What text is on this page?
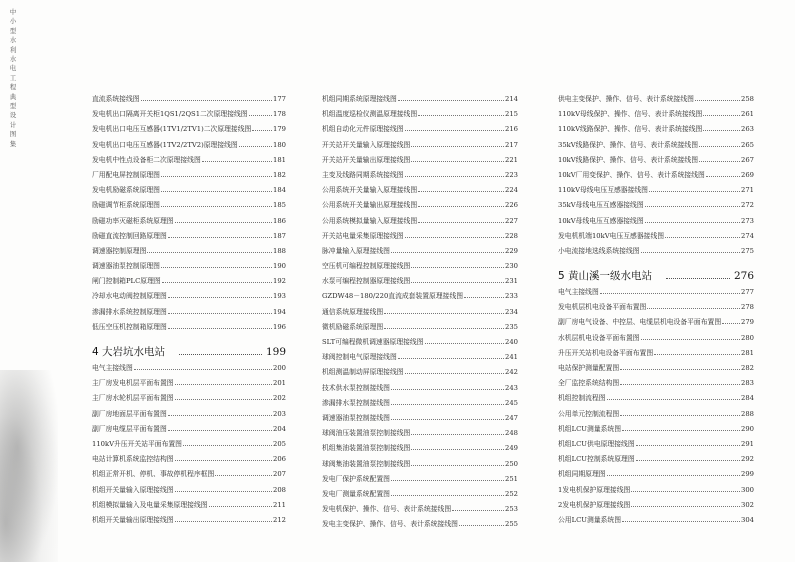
中
小
型
水
利
水
电
工
程
典
型
设
计
图
集
直流系统接线图	177
发电机出口隔离开关柜1QS1/2QS1二次原理接线图	178
发电机出口电压互感器(1TV1/2TV1)二次原理接线图	179
发电机出口电压互感器(1TV2/2TV2)原理接线图	180
发电机中性点设备柜二次原理接线图	181
厂用配电屏控制原理图	182
发电机励磁系统原理图	184
励磁调节柜系统原理图	185
励磁功率灭磁柜系统原理图	186
励磁直流控制回路原理图	187
调速器控制原理图	188
调速器油泵控制原理图	190
闸门控制箱PLC原理图	192
冷却水电动阀控制原理图	193
渗漏排水系统控制原理图	194
低压空压机控制箱原理图	196
4 大岩坑水电站	199
电气主接线图	200
主厂房发电机层平面布置图	201
主厂房水轮机层平面布置图	202
副厂房地面层平面布置图	203
副厂房电缆层平面布置图	204
110kV升压开关站平面布置图	205
电站计算机系统监控结构图	206
机组正常开机、停机、事故停机程序框图	207
机组开关量输入原理接线图	208
机组模拟量输入及电量采集原理接线图	211
机组开关量输出原理接线图	212
机组同期系统原理接线图	214
机组温度巡检仪测温原理接线图	215
机组自动化元件原理接线图	216
开关站开关量输入原理接线图	217
开关站开关量输出原理接线图	221
主变及线路同期系统接线图	223
公用系统开关量输入原理接线图	224
公用系统开关量输出原理接线图	226
公用系统模拟量输入原理接线图	227
开关站电量采集原理接线图	228
脉冲量输入原理接线图	229
空压机可编程控制原理接线图	230
水泵可编程控制器原理接线图	231
GZDW48－180/220直流成套装置原理接线图	233
通信系统原理接线图	234
微机励磁系统原理图	235
SLT可编程微机调速器原理接线图	240
球阀控制电气原理接线图	241
机组测温制动屏原理接线图	242
技术供水泵控制接线图	243
渗漏排水泵控制接线图	245
调速器油泵控制接线图	247
球阀油压装置油泵控制接线图	248
机组集油装置油泵控制接线图	249
球阀集油装置油泵控制接线图	250
发电厂保护系统配置图	251
发电厂测量系统配置图	252
发电机保护、操作、信号、表计系统接线图	253
发电主变保护、操作、信号、表计系统接线图	255
供电主变保护、操作、信号、表计系统接线图	258
110kV母线保护、操作、信号、表计系统接线图	261
110kV线路保护、操作、信号、表计系统接线图	263
35kV线路保护、操作、信号、表计系统接线图	265
10kV线路保护、操作、信号、表计系统接线图	267
10kV厂用变保护、操作、信号、表计系统接线图	269
110kV母线电压互感器接线图	271
35kV母线电压互感器接线图	272
10kV母线电压互感器接线图	273
发电机机端10kV电压互感器接线图	274
小电流接地选线系统接线图	275
5 黄山溪一级水电站	276
电气主接线图	277
发电机层机电设备平面布置图	278
副厂房电气设备、中控层、电缆层机电设备平面布置图	279
水机层机电设备平面布置图	280
升压开关站机电设备平面布置图	281
电站保护测量配置图	282
全厂监控系统结构图	283
机组控制流程图	284
公用单元控制流程图	288
机组LCU测量系统图	290
机组LCU供电原理接线图	291
机组LCU控制系统原理图	292
机组同期原理图	299
1发电机保护原理接线图	300
2发电机保护原理接线图	302
公用LCU测量系统图	304
